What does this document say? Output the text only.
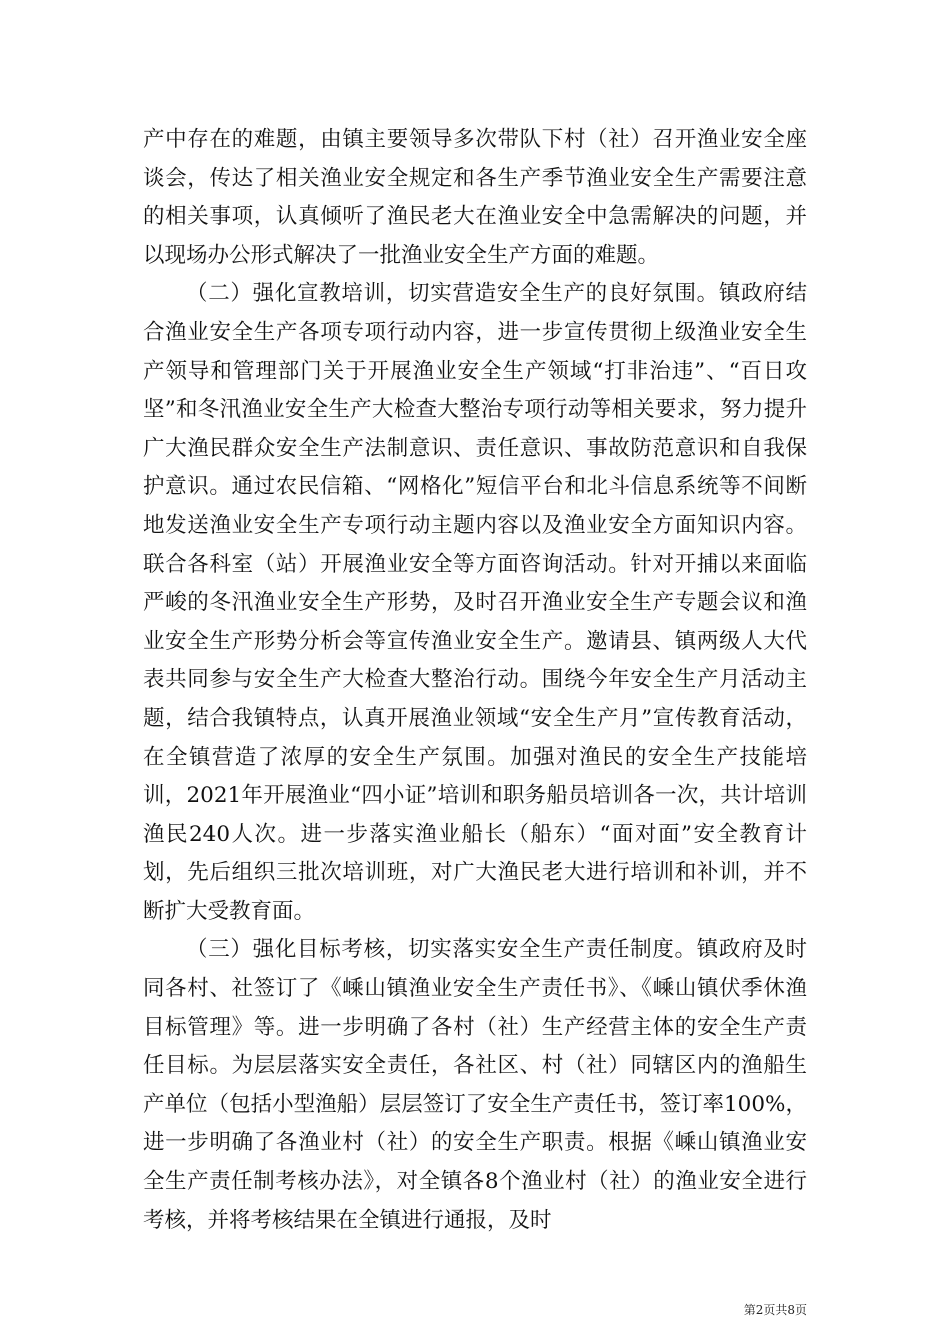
产中存在的难题，由镇主要领导多次带队下村（社）召开渔业安全座谈会，传达了相关渔业安全规定和各生产季节渔业安全生产需要注意的相关事项，认真倾听了渔民老大在渔业安全中急需解决的问题，并以现场办公形式解决了一批渔业安全生产方面的难题。

（二）强化宣教培训，切实营造安全生产的良好氛围。镇政府结合渔业安全生产各项专项行动内容，进一步宣传贯彻上级渔业安全生产领导和管理部门关于开展渔业安全生产领域“打非治违”、“百日攻坚”和冬汛渔业安全生产大检查大整治专项行动等相关要求，努力提升广大渔民群众安全生产法制意识、责任意识、事故防范意识和自我保护意识。通过农民信箱、“网格化”短信平台和北斗信息系统等不间断地发送渔业安全生产专项行动主题内容以及渔业安全方面知识内容。联合各科室（站）开展渔业安全等方面咨询活动。针对开捕以来面临严峻的冬汛渔业安全生产形势，及时召开渔业安全生产专题会议和渔业安全生产形势分析会等宣传渔业安全生产。邀请县、镇两级人大代表共同参与安全生产大检查大整治行动。围绕今年安全生产月活动主题，结合我镇特点，认真开展渔业领域“安全生产月”宣传教育活动，在全镇营造了浓厚的安全生产氛围。加强对渔民的安全生产技能培训，2021年开展渔业“四小证”培训和职务船员培训各一次，共计培训渔民240人次。进一步落实渔业船长（船东）“面对面”安全教育计划，先后组织三批次培训班，对广大渔民老大进行培训和补训，并不断扩大受教育面。

（三）强化目标考核，切实落实安全生产责任制度。镇政府及时同各村、社签订了《嵊山镇渔业安全生产责任书》、《嵊山镇伏季休渔目标管理》等。进一步明确了各村（社）生产经营主体的安全生产责任目标。为层层落实安全责任，各社区、村（社）同辖区内的渔船生产单位（包括小型渔船）层层签订了安全生产责任书，签订率100%，进一步明确了各渔业村（社）的安全生产职责。根据《嵊山镇渔业安全生产责任制考核办法》，对全镇各8个渔业村（社）的渔业安全进行考核，并将考核结果在全镇进行通报，及时

第2页共8页
